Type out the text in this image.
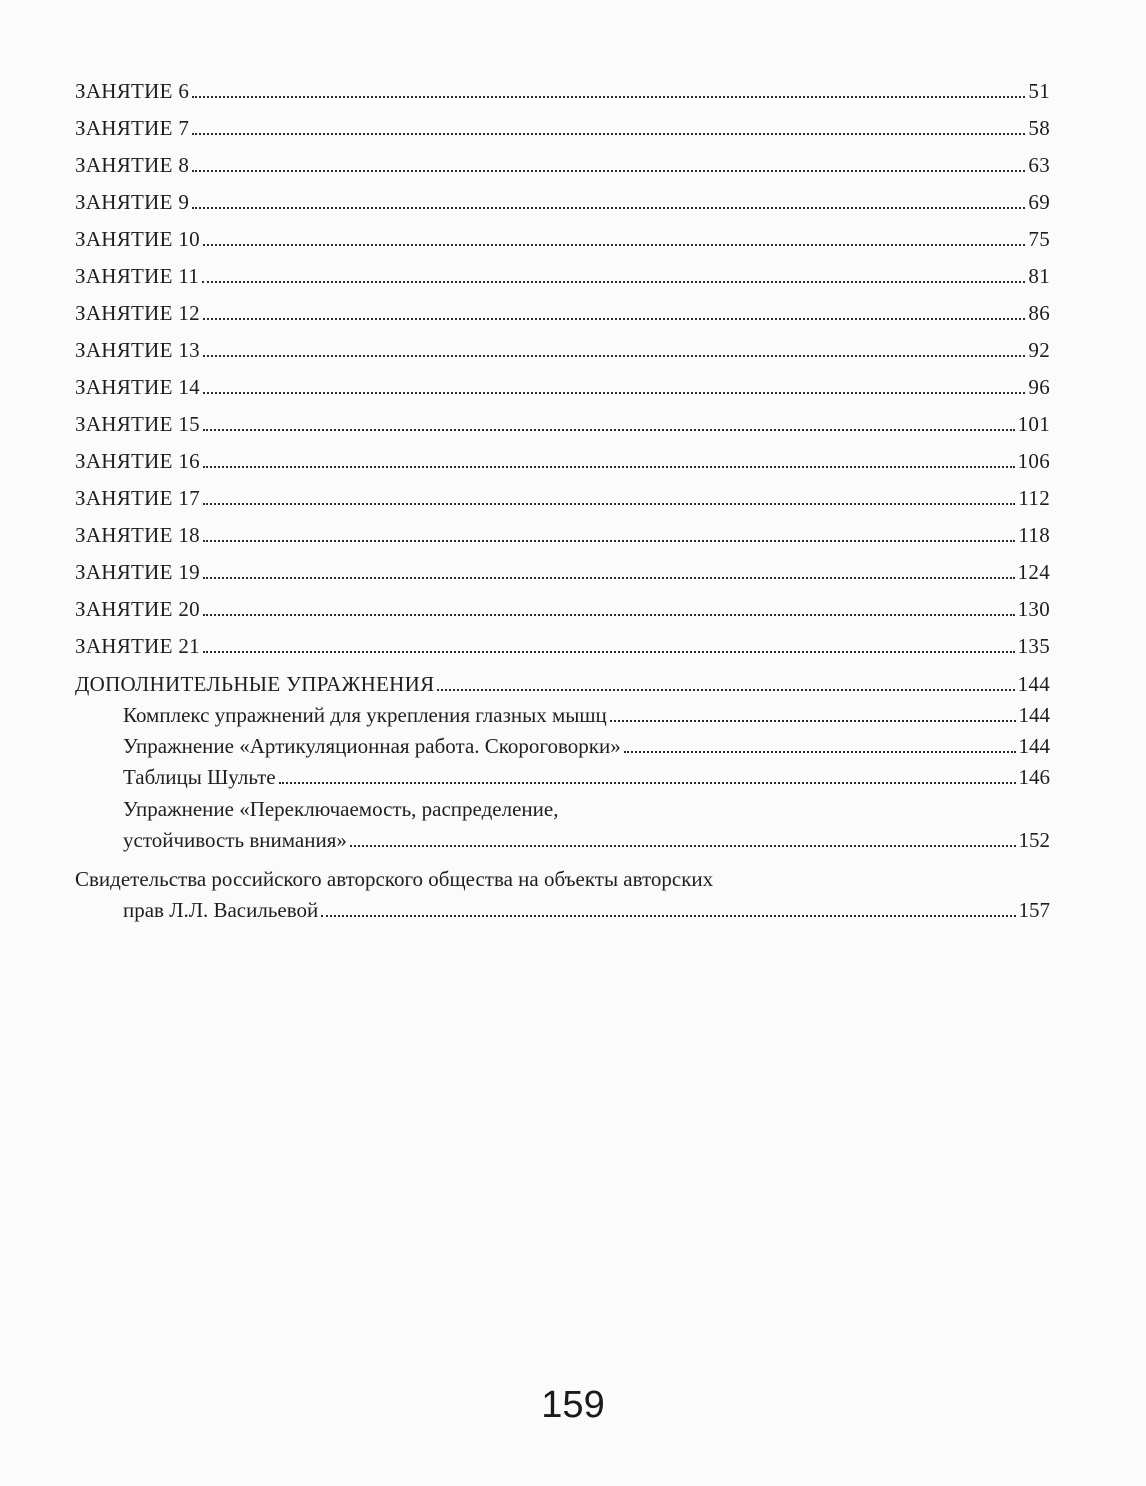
ЗАНЯТИЕ 6	51
ЗАНЯТИЕ 7	58
ЗАНЯТИЕ 8	63
ЗАНЯТИЕ 9	69
ЗАНЯТИЕ 10	75
ЗАНЯТИЕ 11	81
ЗАНЯТИЕ 12	86
ЗАНЯТИЕ 13	92
ЗАНЯТИЕ 14	96
ЗАНЯТИЕ 15	101
ЗАНЯТИЕ 16	106
ЗАНЯТИЕ 17	112
ЗАНЯТИЕ 18	118
ЗАНЯТИЕ 19	124
ЗАНЯТИЕ 20	130
ЗАНЯТИЕ 21	135
ДОПОЛНИТЕЛЬНЫЕ УПРАЖНЕНИЯ	144
Комплекс упражнений для укрепления глазных мышц	144
Упражнение «Артикуляционная работа. Скороговорки»	144
Таблицы Шульте	146
Упражнение «Переключаемость, распределение,
устойчивость внимания»	152
Свидетельства российского авторского общества на объекты авторских
прав Л.Л. Васильевой	157
159
